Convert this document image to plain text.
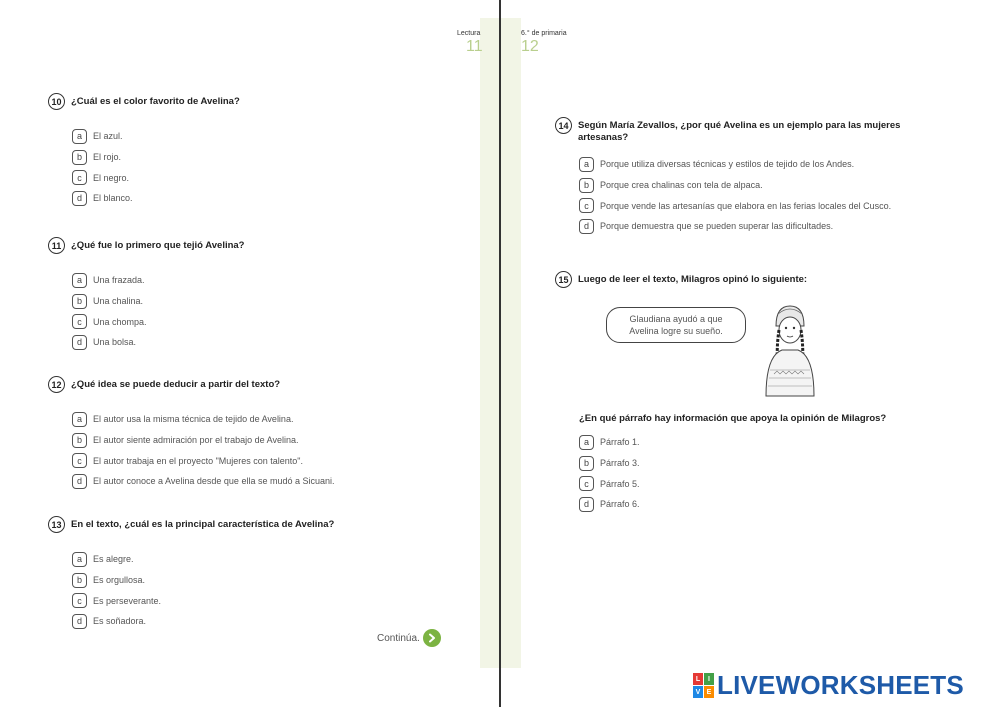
Lectura
11
6.° de primaria
12
10	¿Cuál es el color favorito de Avelina?
a	El azul.
b	El rojo.
c	El negro.
d	El blanco.
11	¿Qué fue lo primero que tejió Avelina?
a	Una frazada.
b	Una chalina.
c	Una chompa.
d	Una bolsa.
12	¿Qué idea se puede deducir a partir del texto?
a	El autor usa la misma técnica de tejido de Avelina.
b	El autor siente admiración por el trabajo de Avelina.
c	El autor trabaja en el proyecto "Mujeres con talento".
d	El autor conoce a Avelina desde que ella se mudó a Sicuani.
13	En el texto, ¿cuál es la principal característica de Avelina?
a	Es alegre.
b	Es orgullosa.
c	Es perseverante.
d	Es soñadora.
Continúa.
14	Según María Zevallos, ¿por qué Avelina es un ejemplo para las mujeres
artesanas?
a	Porque utiliza diversas técnicas y estilos de tejido de los Andes.
b	Porque crea chalinas con tela de alpaca.
c	Porque vende las artesanías que elabora en las ferias locales del Cusco.
d	Porque demuestra que se pueden superar las dificultades.
15	Luego de leer el texto, Milagros opinó lo siguiente:
Glaudiana ayudó a que
Avelina logre su sueño.
¿En qué párrafo hay información que apoya la opinión de Milagros?
a	Párrafo 1.
b	Párrafo 3.
c	Párrafo 5.
d	Párrafo 6.
L	I
V E LIVEWORKSHEETS
